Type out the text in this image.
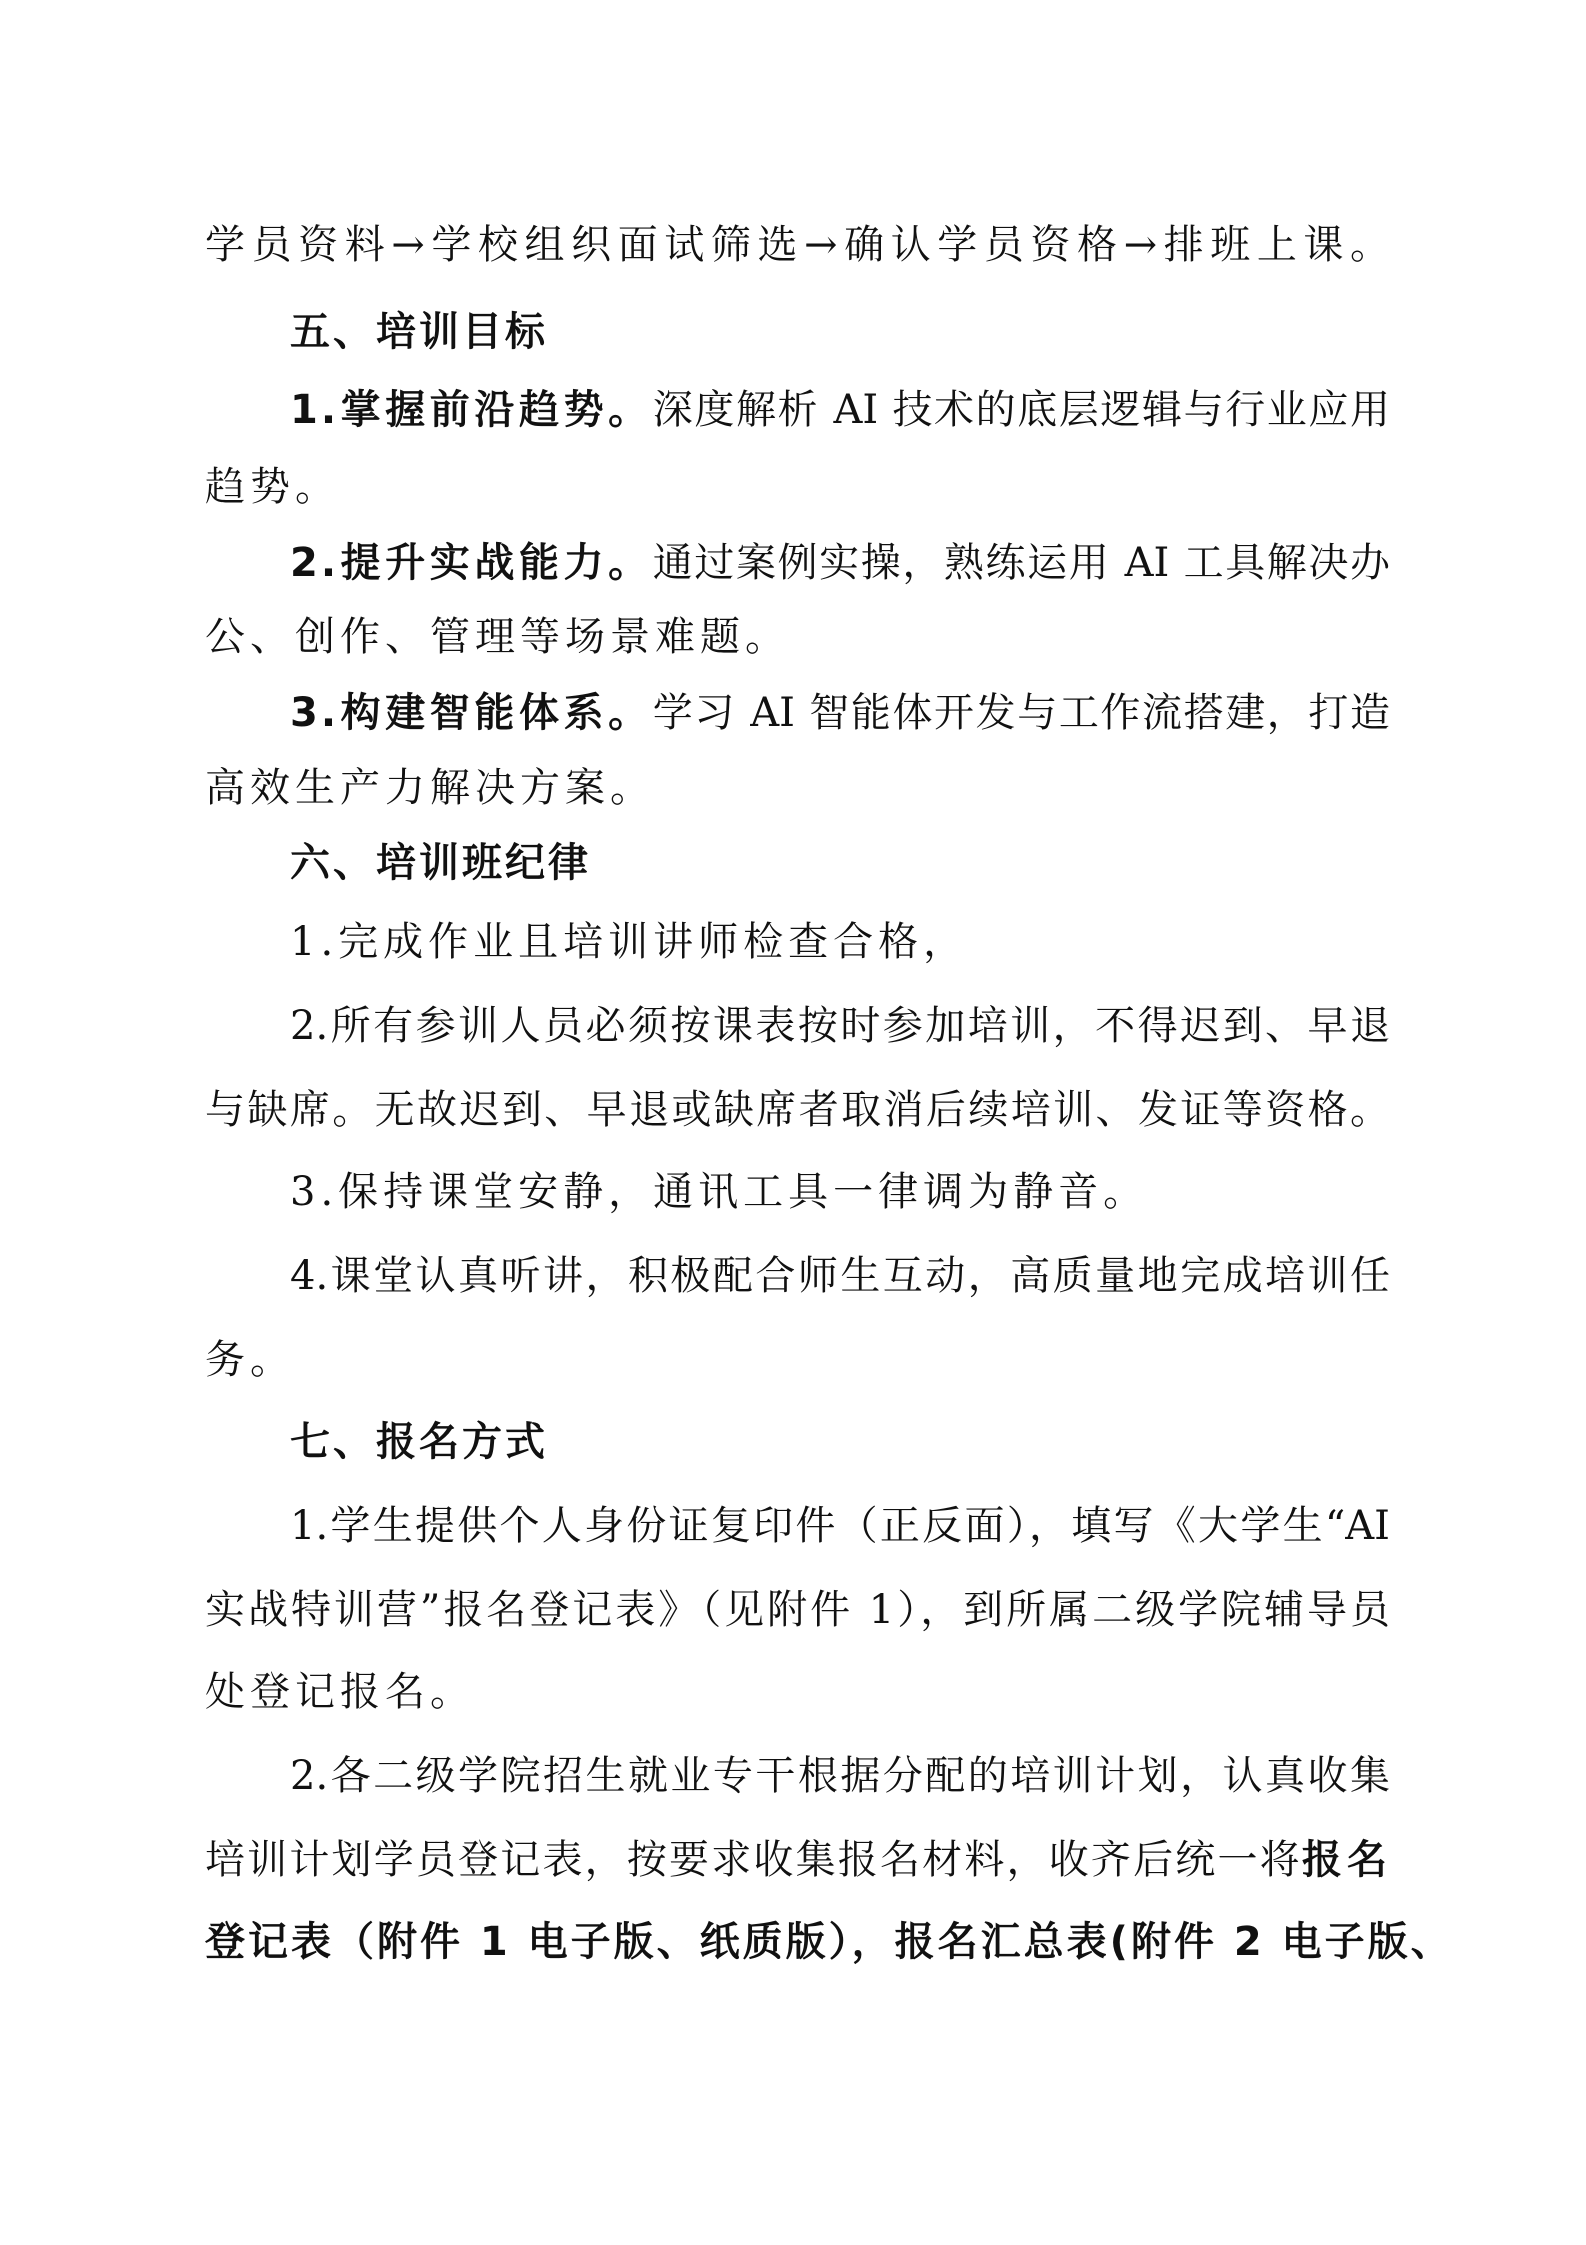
学员资料→学校组织面试筛选→确认学员资格→排班上课。
五、培训目标
1.掌握前沿趋势。深度解析 AI 技术的底层逻辑与行业应用
趋势。
2.提升实战能力。通过案例实操，熟练运用 AI 工具解决办
公、创作、管理等场景难题。
3.构建智能体系。学习 AI 智能体开发与工作流搭建，打造
高效生产力解决方案。
六、培训班纪律
1.完成作业且培训讲师检查合格，
2.所有参训人员必须按课表按时参加培训，不得迟到、早退
与缺席。无故迟到、早退或缺席者取消后续培训、发证等资格。
3.保持课堂安静，通讯工具一律调为静音。
4.课堂认真听讲，积极配合师生互动，高质量地完成培训任
务。
七、报名方式
1.学生提供个人身份证复印件（正反面），填写《大学生“AI
实战特训营”报名登记表》（见附件 1），到所属二级学院辅导员
处登记报名。
2.各二级学院招生就业专干根据分配的培训计划，认真收集
培训计划学员登记表，按要求收集报名材料，收齐后统一将报名
登记表（附件 1 电子版、纸质版），报名汇总表(附件 2 电子版、
